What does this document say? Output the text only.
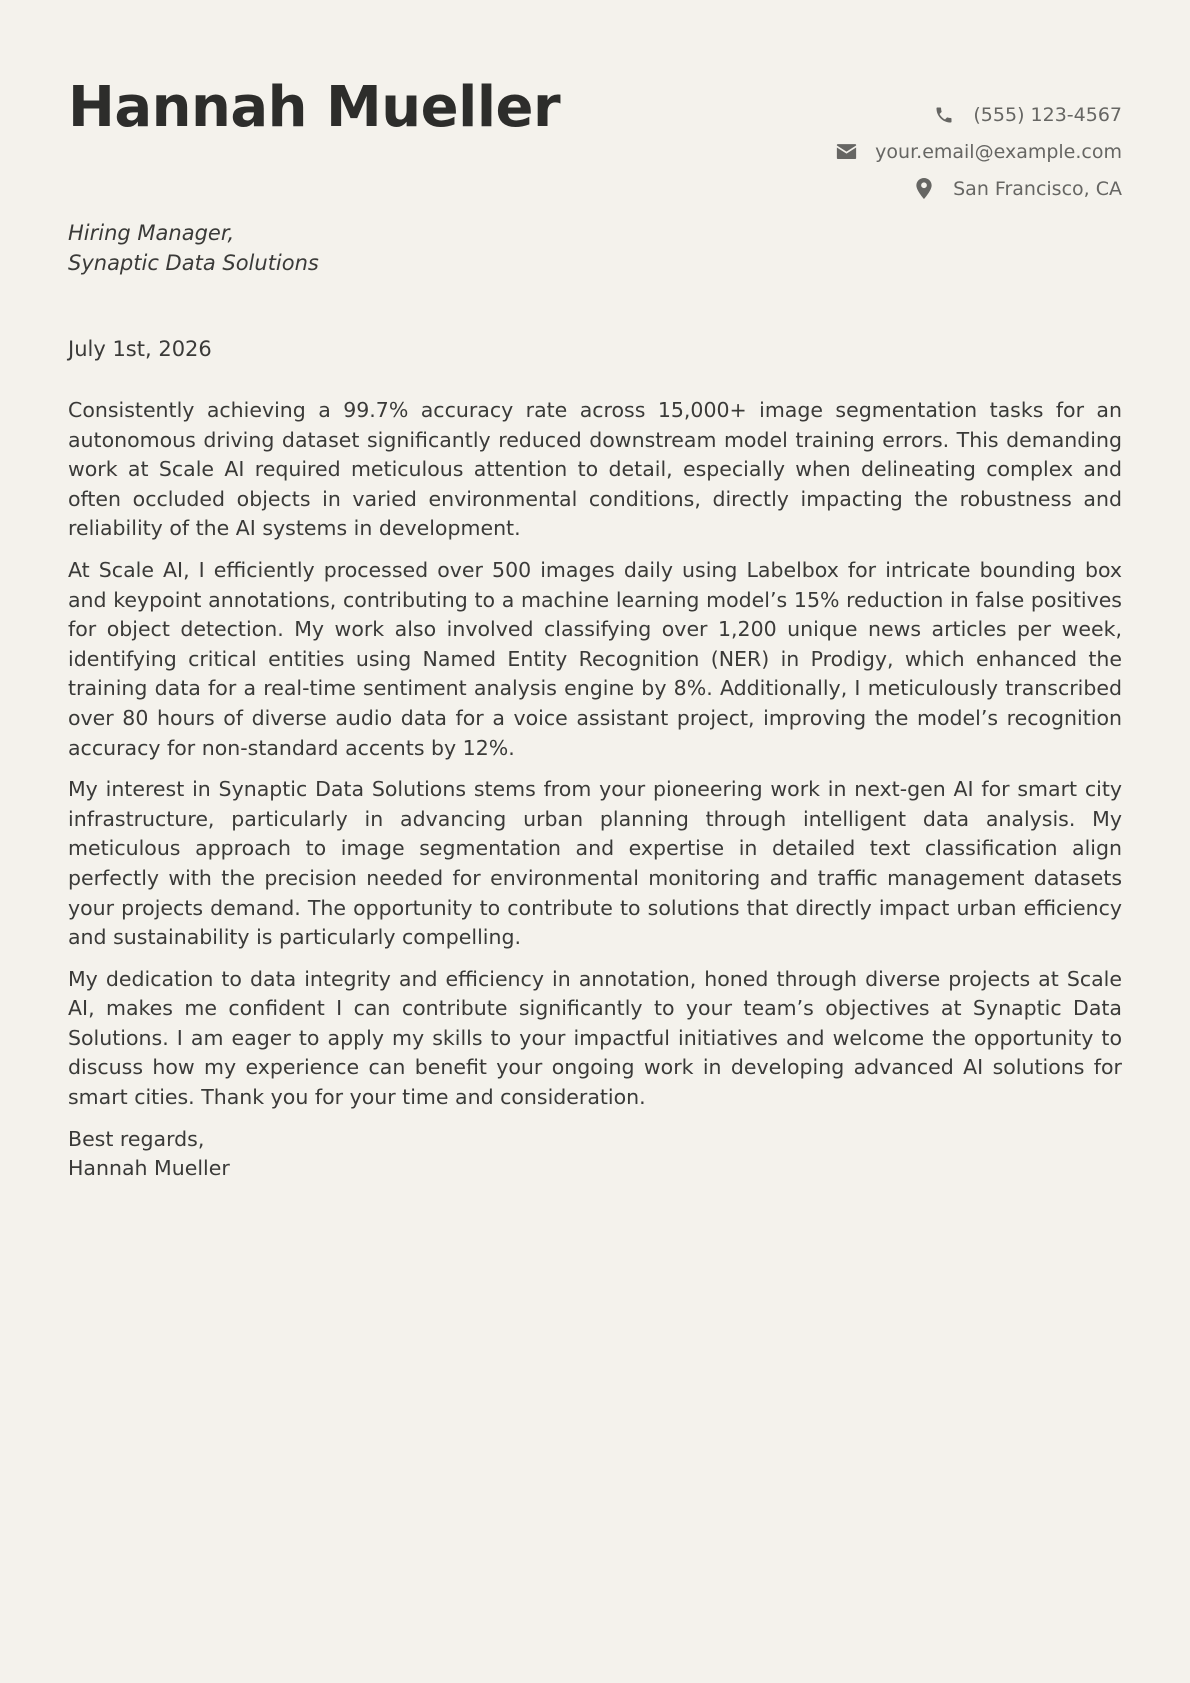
Hannah Mueller	(555) 123-4567
your.email@example.com
San Francisco, CA
Hiring Manager,
Synaptic Data Solutions
July 1st, 2026

Consistently achieving a 99.7% accuracy rate across 15,000+ image segmentation tasks for an autonomous driving dataset significantly reduced downstream model training errors. This demanding work at Scale AI required meticulous attention to detail, especially when delineating complex and often occluded objects in varied environmental conditions, directly impacting the robustness and reliability of the AI systems in development.

At Scale AI, I efficiently processed over 500 images daily using Labelbox for intricate bounding box and keypoint annotations, contributing to a machine learning model’s 15% reduction in false positives for object detection. My work also involved classifying over 1,200 unique news articles per week, identifying critical entities using Named Entity Recognition (NER) in Prodigy, which enhanced the training data for a real-time sentiment analysis engine by 8%. Additionally, I meticulously transcribed over 80 hours of diverse audio data for a voice assistant project, improving the model’s recognition accuracy for non-standard accents by 12%.

My interest in Synaptic Data Solutions stems from your pioneering work in next-gen AI for smart city infrastructure, particularly in advancing urban planning through intelligent data analysis. My meticulous approach to image segmentation and expertise in detailed text classification align perfectly with the precision needed for environmental monitoring and traffic management datasets your projects demand. The opportunity to contribute to solutions that directly impact urban efficiency and sustainability is particularly compelling.

My dedication to data integrity and efficiency in annotation, honed through diverse projects at Scale AI, makes me confident I can contribute significantly to your team’s objectives at Synaptic Data Solutions. I am eager to apply my skills to your impactful initiatives and welcome the opportunity to discuss how my experience can benefit your ongoing work in developing advanced AI solutions for smart cities. Thank you for your time and consideration.

Best regards,
Hannah Mueller
